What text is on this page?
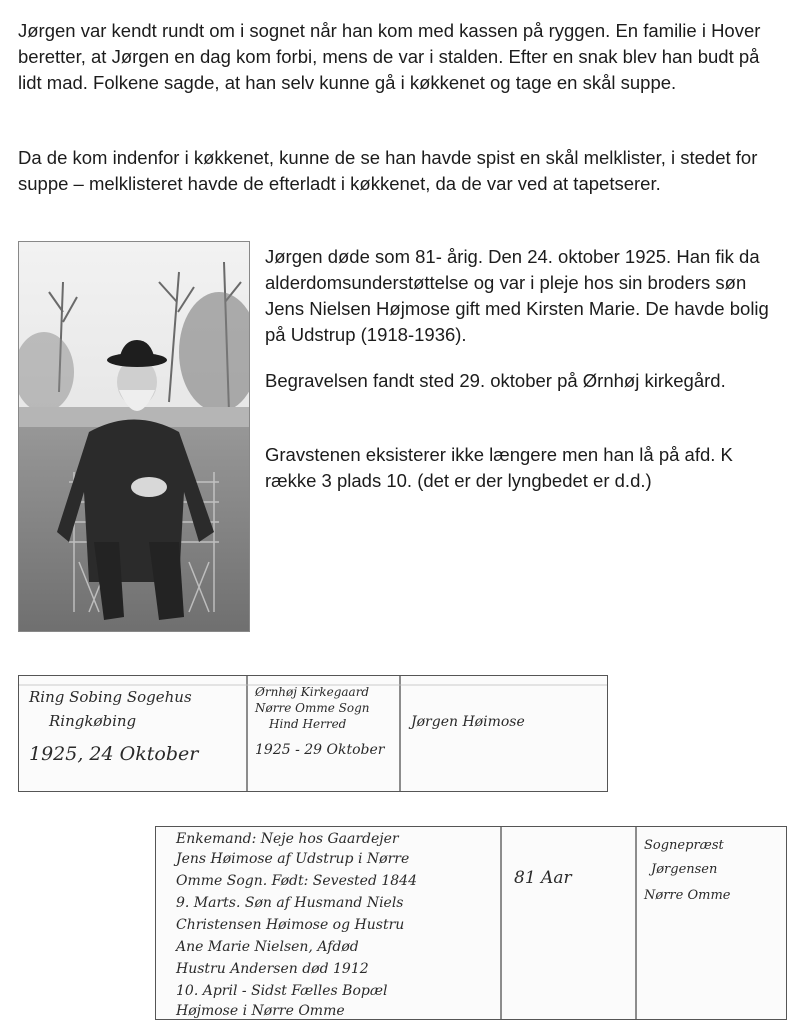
Jørgen var kendt rundt om i sognet når han kom med kassen på ryggen. En familie i Hover beretter, at Jørgen en dag kom forbi, mens de var i stalden. Efter en snak blev han budt på lidt mad. Folkene sagde, at han selv kunne gå i køkkenet og tage en skål suppe.

Da de kom indenfor i køkkenet, kunne de se han havde spist en skål melklister, i stedet for suppe – melklisteret havde de efterladt i køkkenet, da de var ved at tapetserer.

Jørgen døde som 81- årig. Den 24. oktober 1925. Han fik da alderdomsunderstøttelse og var i pleje hos sin broders søn Jens Nielsen Højmose gift med Kirsten Marie. De havde bolig på Udstrup (1918-1936).

Begravelsen fandt sted 29. oktober på Ørnhøj kirkegård.

Gravstenen eksisterer ikke længere men han lå på afd. K række 3 plads 10. (det er der lyngbedet er d.d.)

Ring Sobing Sogehus
Ringkøbing
1925, 24 Oktober
Ørnhøj Kirkegaard
Nørre Omme Sogn
Hind Herred
1925 - 29 Oktober
Jørgen Høimose
Enkemand: Neje hos Gaardejer
Jens Høimose af Udstrup i Nørre
Omme Sogn. Født: Sevested 1844
9. Marts. Søn af Husmand Niels
Christensen Høimose og Hustru
Ane Marie Nielsen, Afdød
Hustru Andersen død 1912
10. April - Sidst Fælles Bopæl
Højmose i Nørre Omme
81 Aar
Sognepræst
Jørgensen
Nørre Omme
